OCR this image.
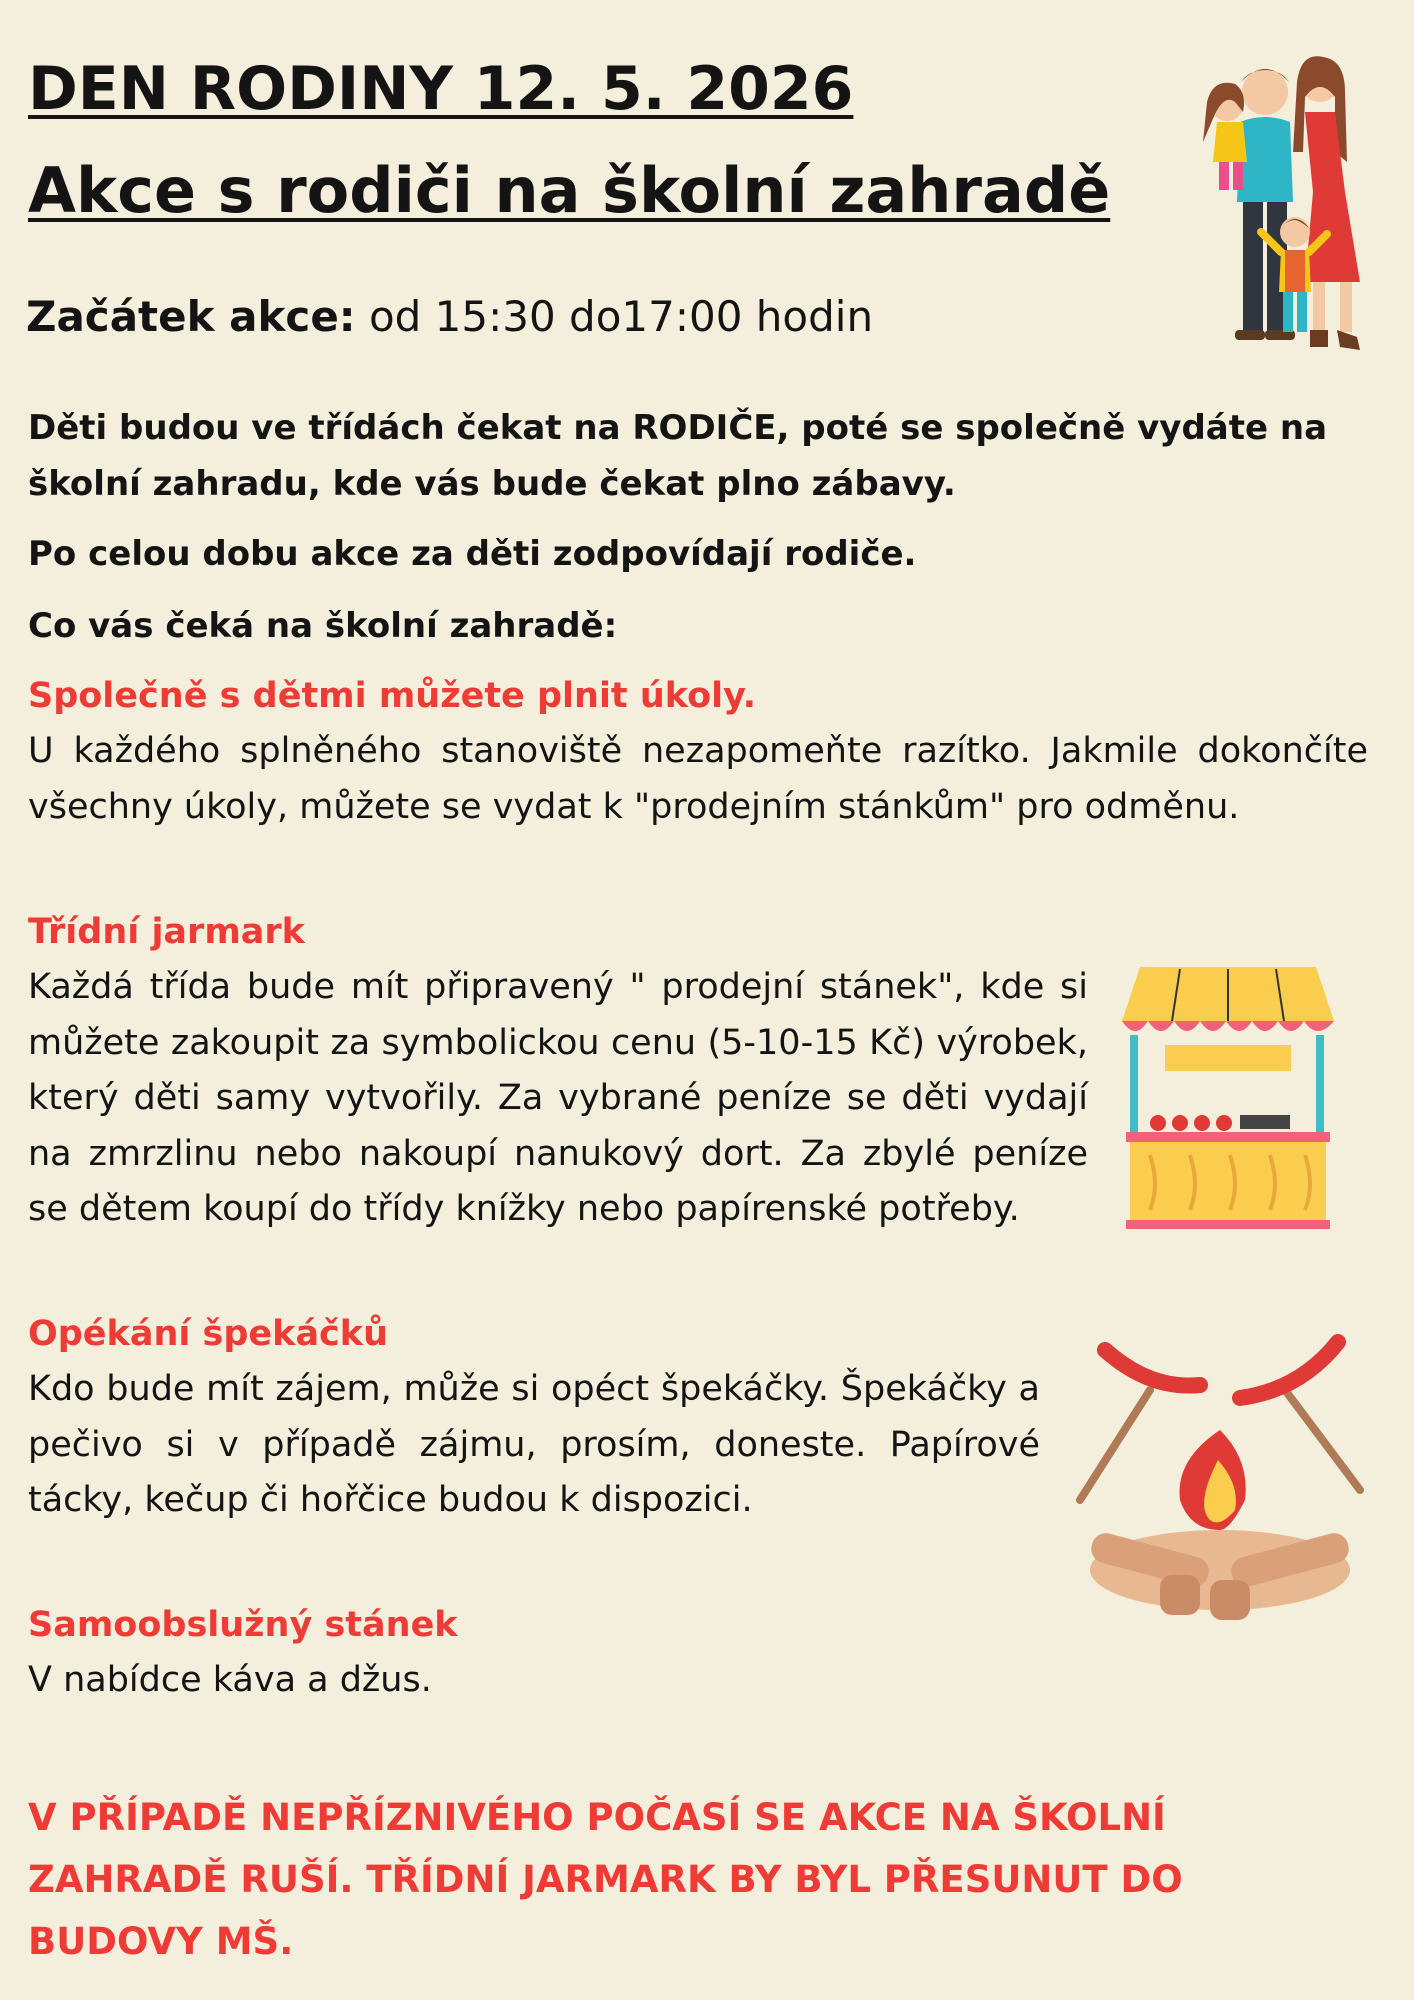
DEN RODINY 12. 5. 2026
Akce s rodiči na školní zahradě

Začátek akce: od 15:30 do17:00 hodin

Děti budou ve třídách čekat na RODIČE, poté se společně vydáte na školní zahradu, kde vás bude čekat plno zábavy.

Po celou dobu akce za děti zodpovídají rodiče.

Co vás čeká na školní zahradě:

Společně s dětmi můžete plnit úkoly.

U každého splněného stanoviště nezapomeňte razítko. Jakmile dokončíte všechny úkoly, můžete se vydat k "prodejním stánkům" pro odměnu.

Třídní jarmark

Každá třída bude mít připravený " prodejní stánek", kde si můžete zakoupit za symbolickou cenu (5-10-15 Kč) výrobek, který děti samy vytvořily. Za vybrané peníze se děti vydají na zmrzlinu nebo nakoupí nanukový dort. Za zbylé peníze se dětem koupí do třídy knížky nebo papírenské potřeby.

Opékání špekáčků

Kdo bude mít zájem, může si opéct špekáčky. Špekáčky a pečivo si v případě zájmu, prosím, doneste. Papírové tácky, kečup či hořčice budou k dispozici.

Samoobslužný stánek

V nabídce káva a džus.

V PŘÍPADĚ NEPŘÍZNIVÉHO POČASÍ SE AKCE NA ŠKOLNÍ ZAHRADĚ RUŠÍ. TŘÍDNÍ JARMARK BY BYL PŘESUNUT DO BUDOVY MŠ.
